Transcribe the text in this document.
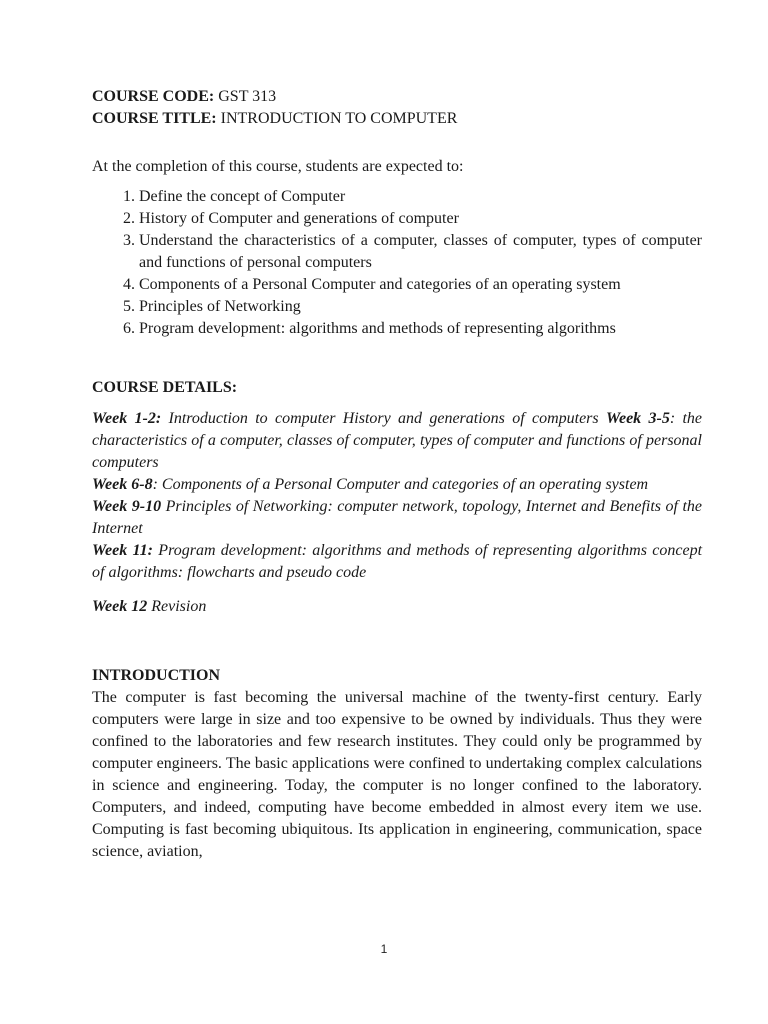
COURSE CODE: GST 313

COURSE TITLE: INTRODUCTION TO COMPUTER

At the completion of this course, students are expected to:

1. Define the concept of Computer
2. History of Computer and generations of computer
3. Understand the characteristics of a computer, classes of computer, types of computer and functions of personal computers
4. Components of a Personal Computer and categories of an operating system
5. Principles of Networking
6. Program development: algorithms and methods of representing algorithms

COURSE DETAILS:

Week 1-2: Introduction to computer History and generations of computers Week 3-5: the characteristics of a computer, classes of computer, types of computer and functions of personal computers

Week 6-8: Components of a Personal Computer and categories of an operating system

Week 9-10 Principles of Networking: computer network, topology, Internet and Benefits of the Internet

Week 11: Program development: algorithms and methods of representing algorithms concept of algorithms: flowcharts and pseudo code

Week 12 Revision

INTRODUCTION

The computer is fast becoming the universal machine of the twenty-first century. Early computers were large in size and too expensive to be owned by individuals. Thus they were confined to the laboratories and few research institutes. They could only be programmed by computer engineers. The basic applications were confined to undertaking complex calculations in science and engineering. Today, the computer is no longer confined to the laboratory. Computers, and indeed, computing have become embedded in almost every item we use. Computing is fast becoming ubiquitous. Its application in engineering, communication, space science, aviation,

1
